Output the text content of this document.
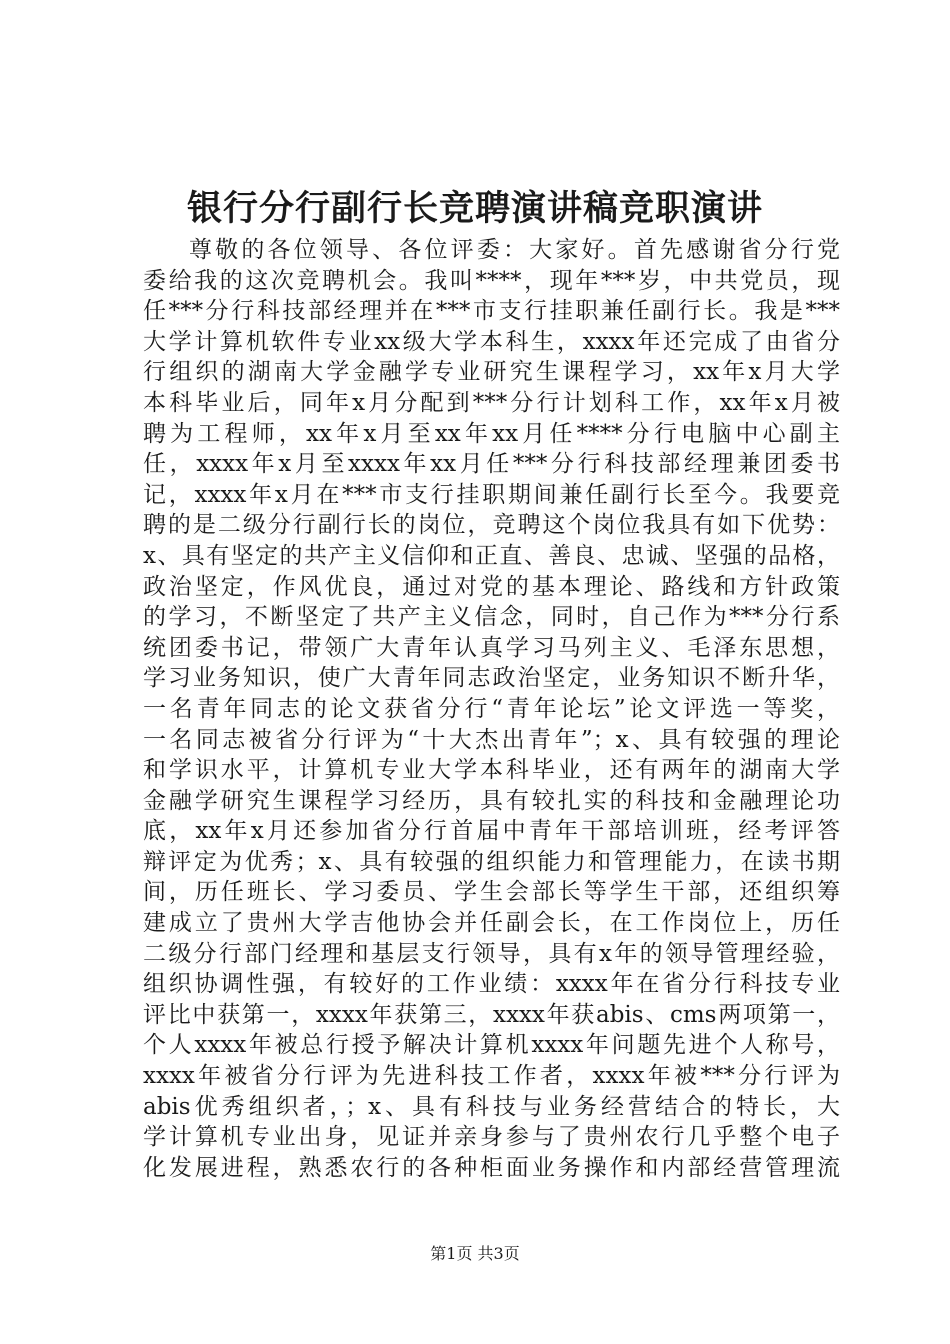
银行分行副行长竞聘演讲稿竞职演讲
尊敬的各位领导、各位评委：大家好。首先感谢省分行党
委给我的这次竞聘机会。我叫****，现年***岁，中共党员，现
任***分行科技部经理并在***市支行挂职兼任副行长。我是***
大学计算机软件专业xx级大学本科生，xxxx年还完成了由省分
行组织的湖南大学金融学专业研究生课程学习，xx年x月大学
本科毕业后，同年x月分配到***分行计划科工作，xx年x月被
聘为工程师，xx年x月至xx年xx月任****分行电脑中心副主
任，xxxx年x月至xxxx年xx月任***分行科技部经理兼团委书
记，xxxx年x月在***市支行挂职期间兼任副行长至今。我要竞
聘的是二级分行副行长的岗位，竞聘这个岗位我具有如下优势：
x、具有坚定的共产主义信仰和正直、善良、忠诚、坚强的品格，
政治坚定，作风优良，通过对党的基本理论、路线和方针政策
的学习，不断坚定了共产主义信念，同时，自己作为***分行系
统团委书记，带领广大青年认真学习马列主义、毛泽东思想，
学习业务知识，使广大青年同志政治坚定，业务知识不断升华，
一名青年同志的论文获省分行“青年论坛”论文评选一等奖，
一名同志被省分行评为“十大杰出青年”；x、具有较强的理论
和学识水平，计算机专业大学本科毕业，还有两年的湖南大学
金融学研究生课程学习经历，具有较扎实的科技和金融理论功
底，xx年x月还参加省分行首届中青年干部培训班，经考评答
辩评定为优秀；x、具有较强的组织能力和管理能力，在读书期
间，历任班长、学习委员、学生会部长等学生干部，还组织筹
建成立了贵州大学吉他协会并任副会长，在工作岗位上，历任
二级分行部门经理和基层支行领导，具有x年的领导管理经验，
组织协调性强，有较好的工作业绩：xxxx年在省分行科技专业
评比中获第一，xxxx年获第三，xxxx年获abis、cms两项第一，
个人xxxx年被总行授予解决计算机xxxx年问题先进个人称号，
xxxx年被省分行评为先进科技工作者，xxxx年被***分行评为
abis优秀组织者，；x、具有科技与业务经营结合的特长，大
学计算机专业出身，见证并亲身参与了贵州农行几乎整个电子
化发展进程，熟悉农行的各种柜面业务操作和内部经营管理流
第1页 共3页
